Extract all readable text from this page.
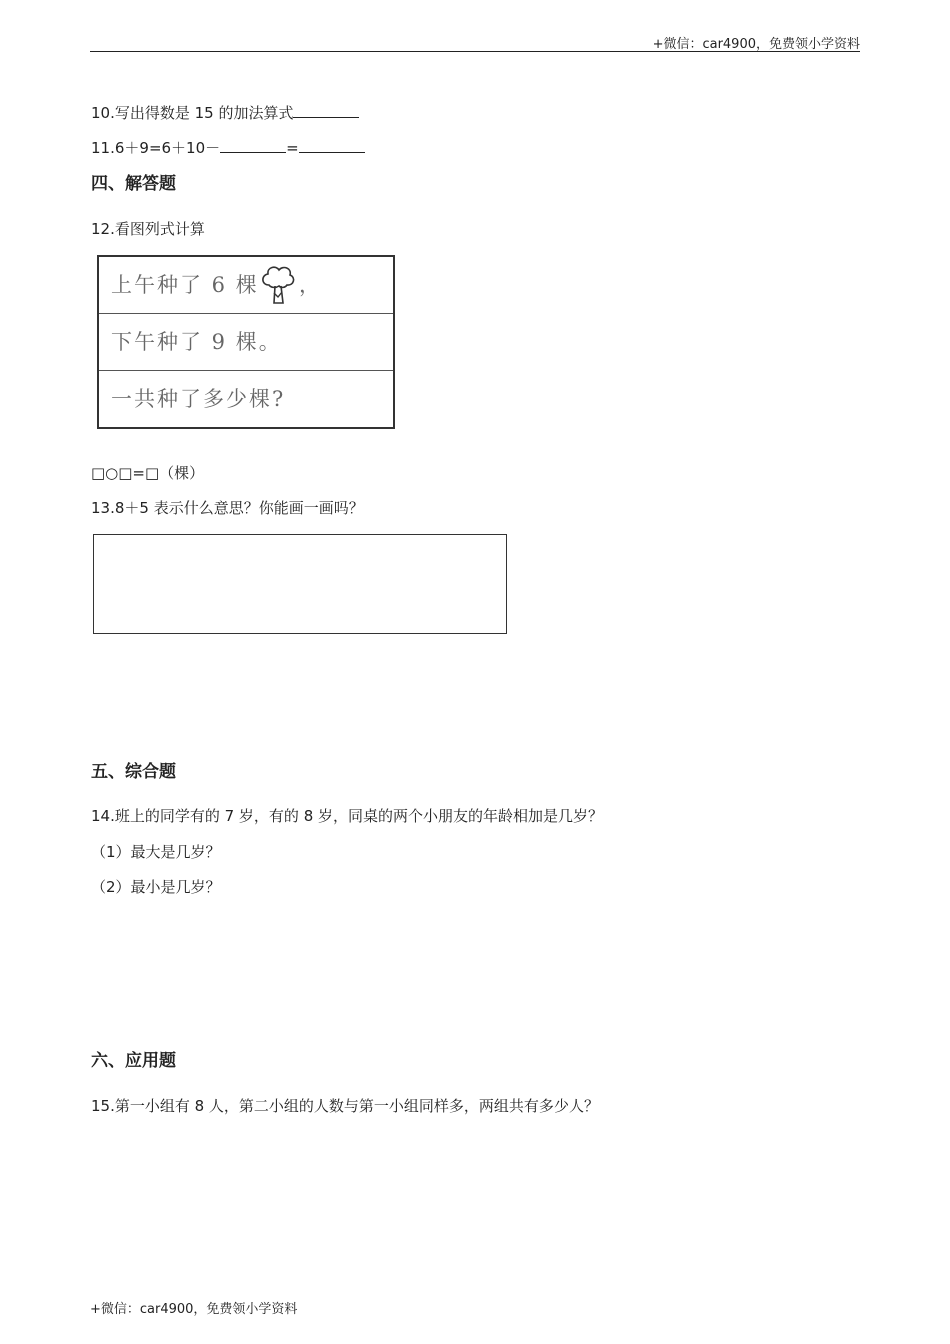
+微信：car4900，免费领小学资料
10.写出得数是 15 的加法算式
11.6＋9=6＋10－	=
四、解答题
12.看图列式计算
上午种了 6 棵 ，
下午种了 9 棵。
一共种了多少棵?
□○□=□（棵）
13.8＋5 表示什么意思？你能画一画吗？
五、综合题
14.班上的同学有的 7 岁，有的 8 岁，同桌的两个小朋友的年龄相加是几岁？
（1）最大是几岁？
（2）最小是几岁？
六、应用题
15.第一小组有 8 人，第二小组的人数与第一小组同样多，两组共有多少人？
+微信：car4900，免费领小学资料
